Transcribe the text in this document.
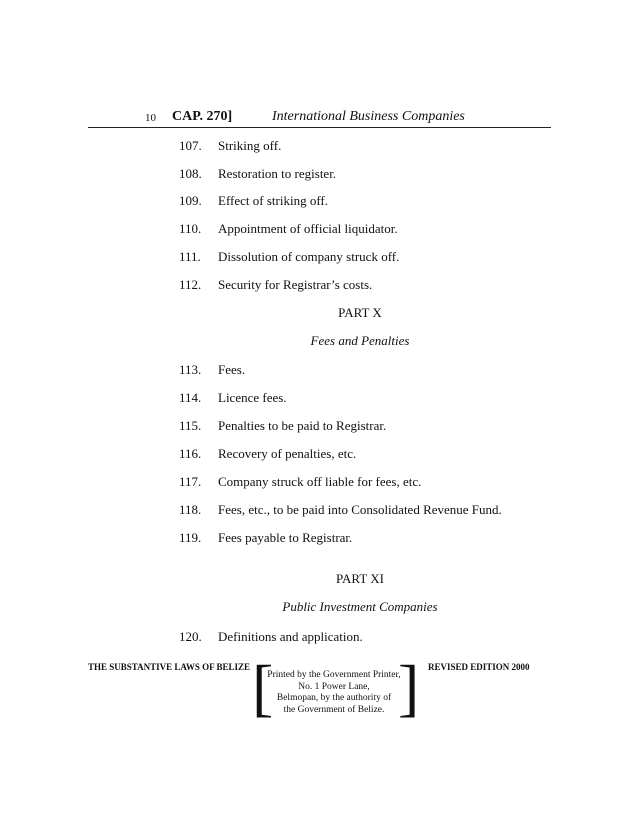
10 CAP. 270]	International Business Companies
107. Striking off.
108. Restoration to register.
109. Effect of striking off.
110. Appointment of official liquidator.
111. Dissolution of company struck off.
112. Security for Registrar’s costs.
PART X
Fees and Penalties
113. Fees.
114. Licence fees.
115. Penalties to be paid to Registrar.
116. Recovery of penalties, etc.
117. Company struck off liable for fees, etc.
118. Fees, etc., to be paid into Consolidated Revenue Fund.
119. Fees payable to Registrar.
PART XI
Public Investment Companies
120. Definitions and application.
THE SUBSTANTIVE LAWS OF BELIZE	REVISED EDITION 2000
[ ]
Printed by the Government Printer,
No. 1 Power Lane,
Belmopan, by the authority of
the Government of Belize.
